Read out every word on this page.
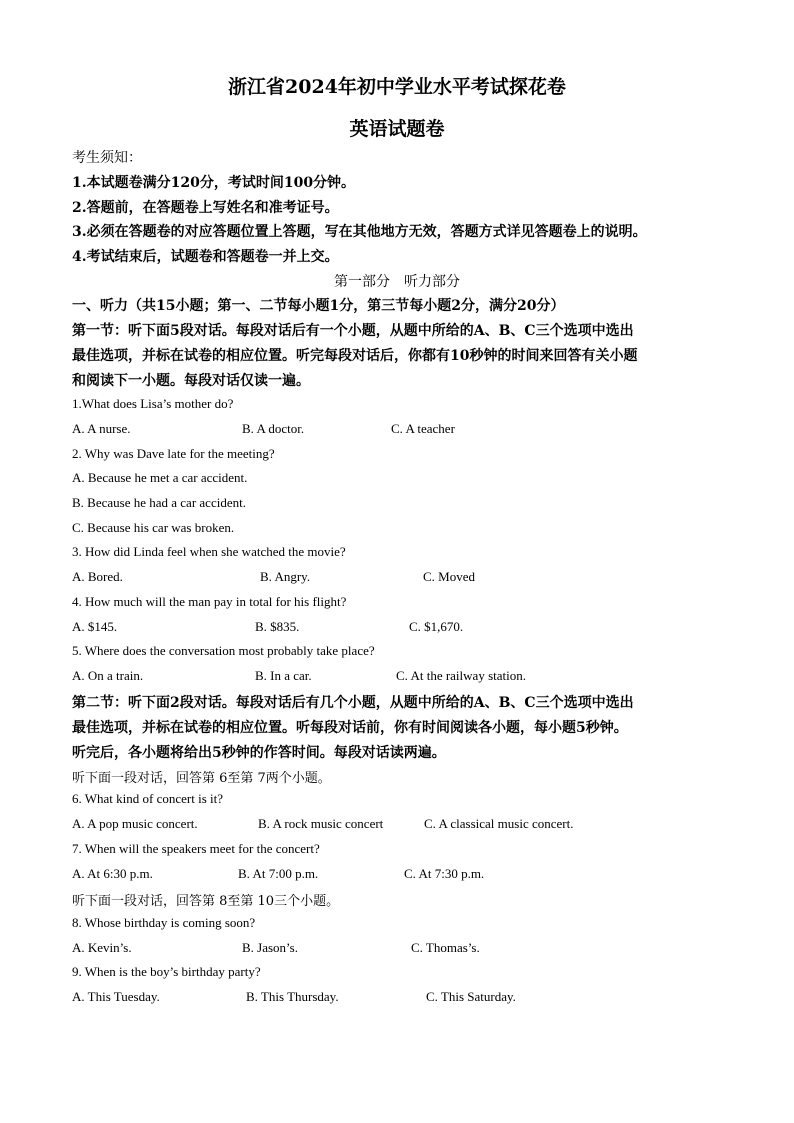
浙江省2024年初中学业水平考试探花卷
英语试题卷
考生须知：
1.本试题卷满分120分，考试时间100分钟。
2.答题前，在答题卷上写姓名和准考证号。
3.必须在答题卷的对应答题位置上答题，写在其他地方无效，答题方式详见答题卷上的说明。
4.考试结束后，试题卷和答题卷一并上交。
第一部分　听力部分
一、听力（共15小题；第一、二节每小题1分，第三节每小题2分，满分20分）
第一节：听下面5段对话。每段对话后有一个小题，从题中所给的A、B、C三个选项中选出
最佳选项，并标在试卷的相应位置。听完每段对话后，你都有10秒钟的时间来回答有关小题
和阅读下一小题。每段对话仅读一遍。
1.What does Lisa’s mother do?
A. A nurse.	B. A doctor.	C. A teacher
2. Why was Dave late for the meeting?
A. Because he met a car accident.
B. Because he had a car accident.
C. Because his car was broken.
3. How did Linda feel when she watched the movie?
A. Bored.	B. Angry.	C. Moved
4. How much will the man pay in total for his flight?
A. $145.	B. $835.	C. $1,670.
5. Where does the conversation most probably take place?
A. On a train.	B. In a car.	C. At the railway station.
第二节：听下面2段对话。每段对话后有几个小题，从题中所给的A、B、C三个选项中选出
最佳选项，并标在试卷的相应位置。听每段对话前，你有时间阅读各小题，每小题5秒钟。
听完后，各小题将给出5秒钟的作答时间。每段对话读两遍。
听下面一段对话，回答第 6至第 7两个小题。
6. What kind of concert is it?
A. A pop music concert.	B. A rock music concert	C. A classical music concert.
7. When will the speakers meet for the concert?
A. At 6:30 p.m.	B. At 7:00 p.m.	C. At 7:30 p.m.
听下面一段对话，回答第 8至第 10三个小题。
8. Whose birthday is coming soon?
A. Kevin’s.	B. Jason’s.	C. Thomas’s.
9. When is the boy’s birthday party?
A. This Tuesday.	B. This Thursday.	C. This Saturday.
